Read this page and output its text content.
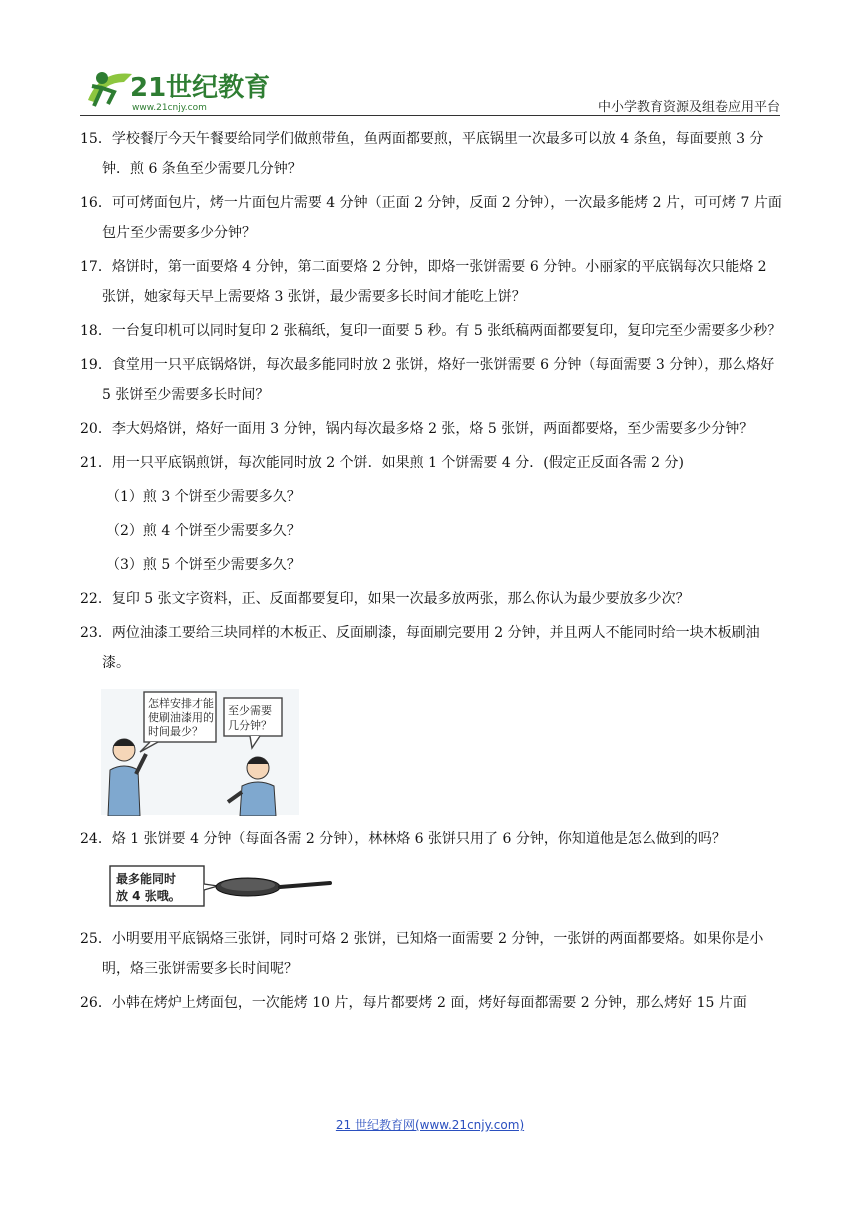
21世纪教育
www.21cnjy.com	中小学教育资源及组卷应用平台

15．学校餐厅今天午餐要给同学们做煎带鱼，鱼两面都要煎，平底锅里一次最多可以放 4 条鱼，每面要煎 3 分钟．煎 6 条鱼至少需要几分钟？

16．可可烤面包片，烤一片面包片需要 4 分钟（正面 2 分钟，反面 2 分钟），一次最多能烤 2 片，可可烤 7 片面包片至少需要多少分钟？

17．烙饼时，第一面要烙 4 分钟，第二面要烙 2 分钟，即烙一张饼需要 6 分钟。小丽家的平底锅每次只能烙 2 张饼，她家每天早上需要烙 3 张饼，最少需要多长时间才能吃上饼？

18．一台复印机可以同时复印 2 张稿纸，复印一面要 5 秒。有 5 张纸稿两面都要复印，复印完至少需要多少秒？

19．食堂用一只平底锅烙饼，每次最多能同时放 2 张饼，烙好一张饼需要 6 分钟（每面需要 3 分钟），那么烙好 5 张饼至少需要多长时间？

20．李大妈烙饼，烙好一面用 3 分钟，锅内每次最多烙 2 张，烙 5 张饼，两面都要烙，至少需要多少分钟？

21．用一只平底锅煎饼，每次能同时放 2 个饼．如果煎 1 个饼需要 4 分．(假定正反面各需 2 分)

（1）煎 3 个饼至少需要多久？

（2）煎 4 个饼至少需要多久？

（3）煎 5 个饼至少需要多久？

22．复印 5 张文字资料，正、反面都要复印，如果一次最多放两张，那么你认为最少要放多少次？

23．两位油漆工要给三块同样的木板正、反面刷漆，每面刷完要用 2 分钟，并且两人不能同时给一块木板刷油漆。

怎样安排才能
使刷油漆用的
时间最少？
至少需要
几分钟？

24．烙 1 张饼要 4 分钟（每面各需 2 分钟），林林烙 6 张饼只用了 6 分钟，你知道他是怎么做到的吗？

最多能同时
放 4 张哦。

25．小明要用平底锅烙三张饼，同时可烙 2 张饼，已知烙一面需要 2 分钟，一张饼的两面都要烙。如果你是小明，烙三张饼需要多长时间呢？

26．小韩在烤炉上烤面包，一次能烤 10 片，每片都要烤 2 面，烤好每面都需要 2 分钟，那么烤好 15 片面

21 世纪教育网(www.21cnjy.com)
